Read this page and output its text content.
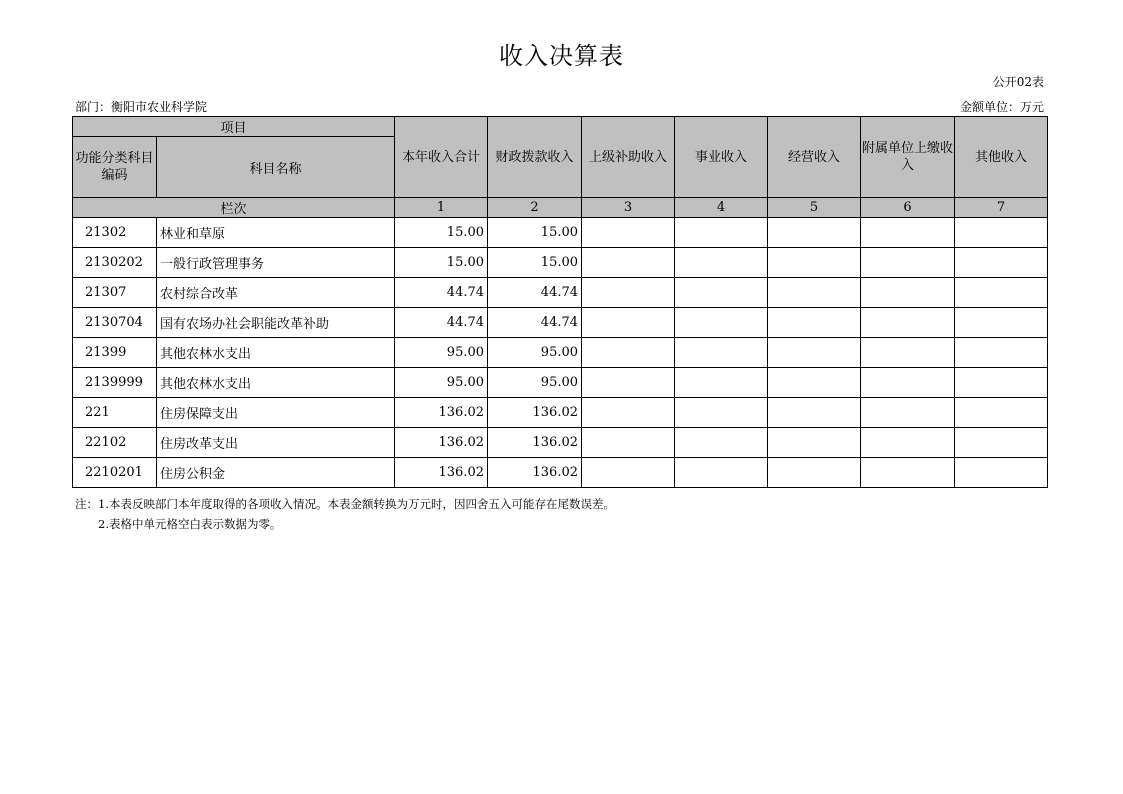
收入决算表
公开02表
部门：衡阳市农业科学院	金额单位：万元
项目		本年收入合计	财政拨款收入	上级补助收入	事业收入	经营收入	附属单位上缴收入	其他收入
功能分类科目编码	科目名称							
栏次		1	2	3	4	5	6	7
21302	林业和草原	15.00	15.00					
2130202	一般行政管理事务	15.00	15.00					
21307	农村综合改革	44.74	44.74					
2130704	国有农场办社会职能改革补助	44.74	44.74					
21399	其他农林水支出	95.00	95.00					
2139999	其他农林水支出	95.00	95.00					
221	住房保障支出	136.02	136.02					
22102	住房改革支出	136.02	136.02					
2210201	住房公积金	136.02	136.02					
注：1.本表反映部门本年度取得的各项收入情况。本表金额转换为万元时，因四舍五入可能存在尾数误差。
2.表格中单元格空白表示数据为零。
